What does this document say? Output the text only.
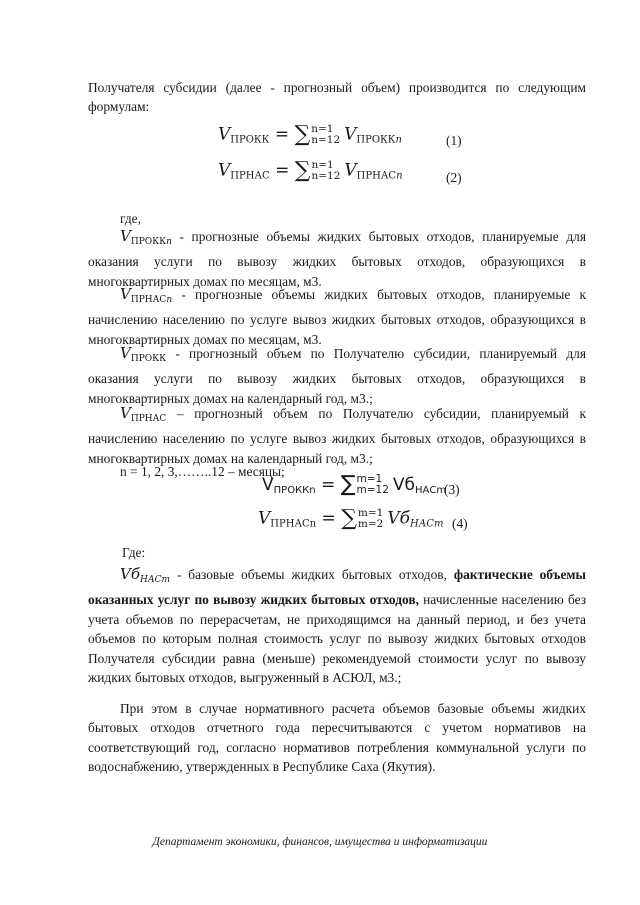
Получателя субсидии (далее - прогнозный объем) производится по следующим формулам:

$V_{ПРОКК}$ = ∑ n=1
n=12 $V_{ПРОККn}$	(1)
$V_{ПРНАС}$ = ∑ n=1
n=12 $V_{ПРНАСn}$	(2)

где,

$V_{ПРОККn}$ - прогнозные объемы жидких бытовых отходов, планируемые для оказания услуги по вывозу жидких бытовых отходов, образующихся в многоквартирных домах по месяцам, м3.

$V_{ПРНАСn}$ - прогнозные объемы жидких бытовых отходов, планируемые к начислению населению по услуге вывоз жидких бытовых отходов, образующихся в многоквартирных домах по месяцам, м3.

$V_{ПРОКК}$ - прогнозный объем по Получателю субсидии, планируемый для оказания услуги по вывозу жидких бытовых отходов, образующихся в многоквартирных домах на календарный год, м3.;

$V_{ПРНАС}$ – прогнозный объем по Получателю субсидии, планируемый к начислению населению по услуге вывоз жидких бытовых отходов, образующихся в многоквартирных домах на календарный год, м3.;

n = 1, 2, 3,……..12 – месяцы;

$V_{ПРОККn}$ = ∑ m=1
m=12 $Vб_{НАСm}$
(3)
$V_{ПРНАСn}$ = ∑ m=1
m=2 $Vб_{НАСm}$ (4)

Где:

$Vб_{НАСm}$ - базовые объемы жидких бытовых отходов, фактические объемы оказанных услуг по вывозу жидких бытовых отходов, начисленные населению без учета объемов по перерасчетам, не приходящимся на данный период, и без учета объемов по которым полная стоимость услуг по вывозу жидких бытовых отходов Получателя субсидии равна (меньше) рекомендуемой стоимости услуг по вывозу жидких бытовых отходов, выгруженный в АСЮЛ, м3.;

При этом в случае нормативного расчета объемов базовые объемы жидких бытовых отходов отчетного года пересчитываются с учетом нормативов на соответствующий год, согласно нормативов потребления коммунальной услуги по водоснабжению, утвержденных в Республике Саха (Якутия).

Департамент экономики, финансов, имущества и информатизации
